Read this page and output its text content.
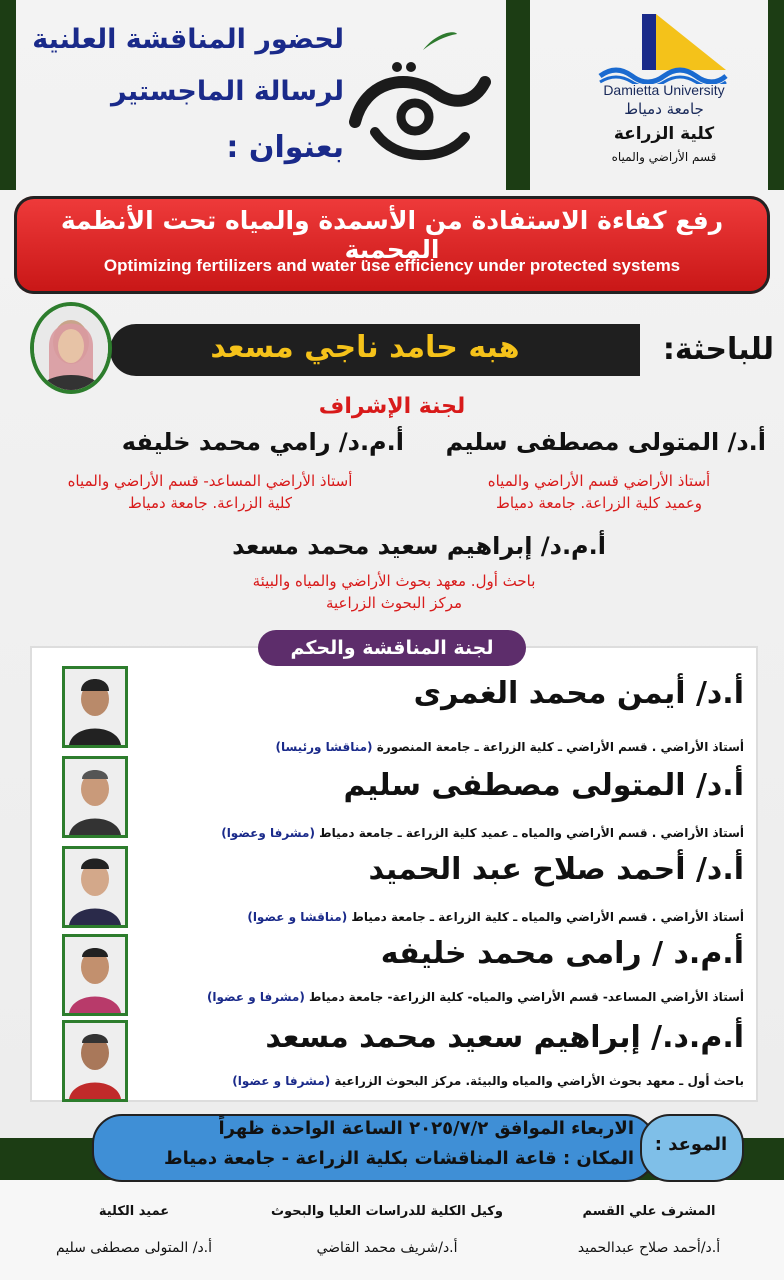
لحضور المناقشة العلنية
لرسالة الماجستير
بعنوان :
Damietta University
جامعة دمياط
كلية الزراعة
قسم الأراضي والمياه
رفع كفاءة الاستفادة من الأسمدة والمياه تحت الأنظمة المحمية
Optimizing fertilizers and water use efficiency under protected systems
هبه حامد ناجي مسعد	للباحثة:
لجنة الإشراف
أ.د/ المتولى مصطفى سليم
أستاذ الأراضي قسم الأراضي والمياه
وعميد كلية الزراعة. جامعة دمياط
أ.م.د/ رامي محمد خليفه
أستاذ الأراضي المساعد- قسم الأراضي والمياه
كلية الزراعة. جامعة دمياط
أ.م.د/ إبراهيم سعيد محمد مسعد
باحث أول. معهد بحوث الأراضي والمياه والبيئة
مركز البحوث الزراعية
لجنة المناقشة والحكم
أ.د/ أيمن محمد الغمرى
أستاذ الأراضي . قسم الأراضي ـ كلية الزراعة ـ جامعة المنصورة (مناقشا ورئيسا)
أ.د/ المتولى مصطفى سليم
أستاذ الأراضي . قسم الأراضي والمياه ـ عميد كلية الزراعة ـ جامعة دمياط (مشرفا وعضوا)
أ.د/ أحمد صلاح عبد الحميد
أستاذ الأراضي . قسم الأراضي والمياه ـ كلية الزراعة ـ جامعة دمياط (مناقشا و عضوا)
أ.م.د / رامى محمد خليفه
أستاذ الأراضي المساعد- قسم الأراضي والمياه- كلية الزراعة- جامعة دمياط (مشرفا و عضوا)
أ.م.د./ إبراهيم سعيد محمد مسعد
باحث أول ـ معهد بحوث الأراضي والمياه والبيئة. مركز البحوث الزراعية (مشرفا و عضوا)
الموعد :
الاربعاء الموافق ٢٠٢٥/٧/٢ الساعة الواحدة ظهراً
المكان : قاعة المناقشات بكلية الزراعة - جامعة دمياط
المشرف علي القسم
أ.د/أحمد صلاح عبدالحميد
وكيل الكلية للدراسات العليا والبحوث
أ.د/شريف محمد القاضي
عميد الكلية
أ.د/ المتولى مصطفى سليم
